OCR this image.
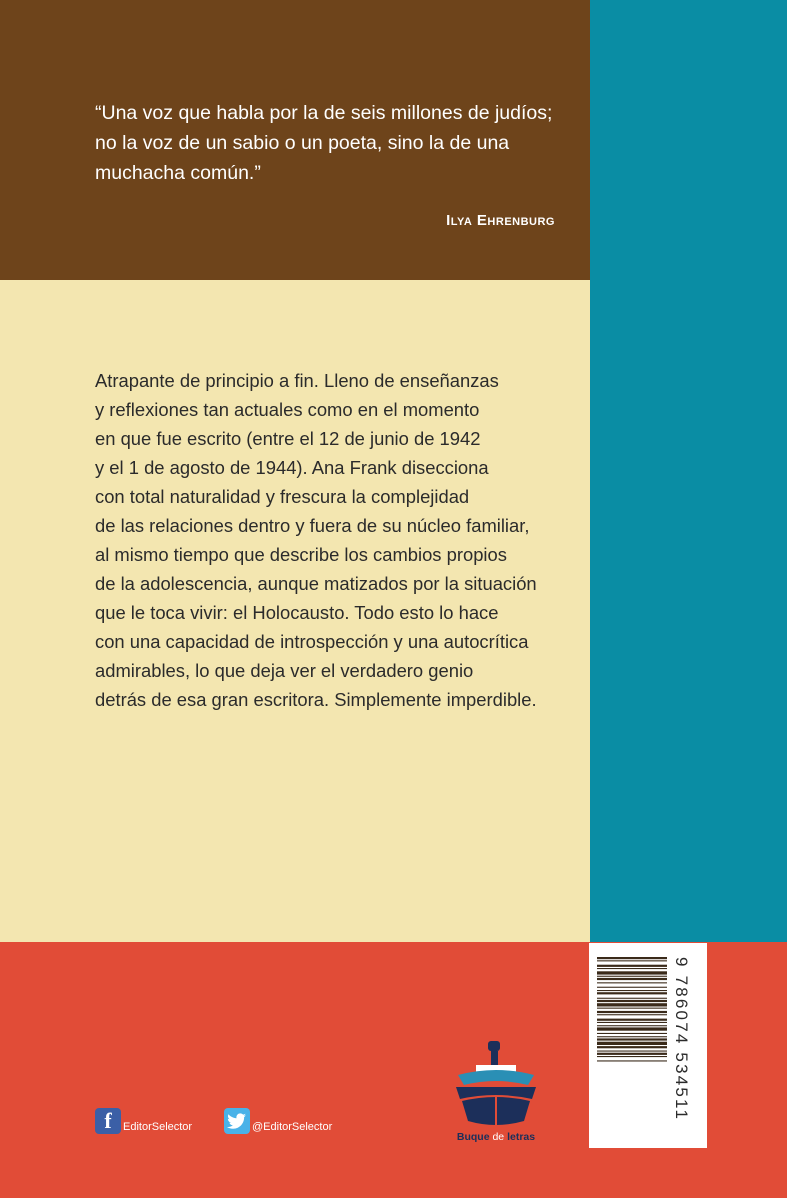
“Una voz que habla por la de seis millones de judíos;
no la voz de un sabio o un poeta, sino la de una
muchacha común.”

Ilya Ehrenburg

Atrapante de principio a fin. Lleno de enseñanzas
y reflexiones tan actuales como en el momento
en que fue escrito (entre el 12 de junio de 1942
y el 1 de agosto de 1944). Ana Frank disecciona
con total naturalidad y frescura la complejidad
de las relaciones dentro y fuera de su núcleo familiar,
al mismo tiempo que describe los cambios propios
de la adolescencia, aunque matizados por la situación
que le toca vivir: el Holocausto. Todo esto lo hace
con una capacidad de introspección y una autocrítica
admirables, lo que deja ver el verdadero genio
detrás de esa gran escritora. Simplemente imperdible.

9 786074 534511
f	EditorSelector	@EditorSelector
Buque de letras
